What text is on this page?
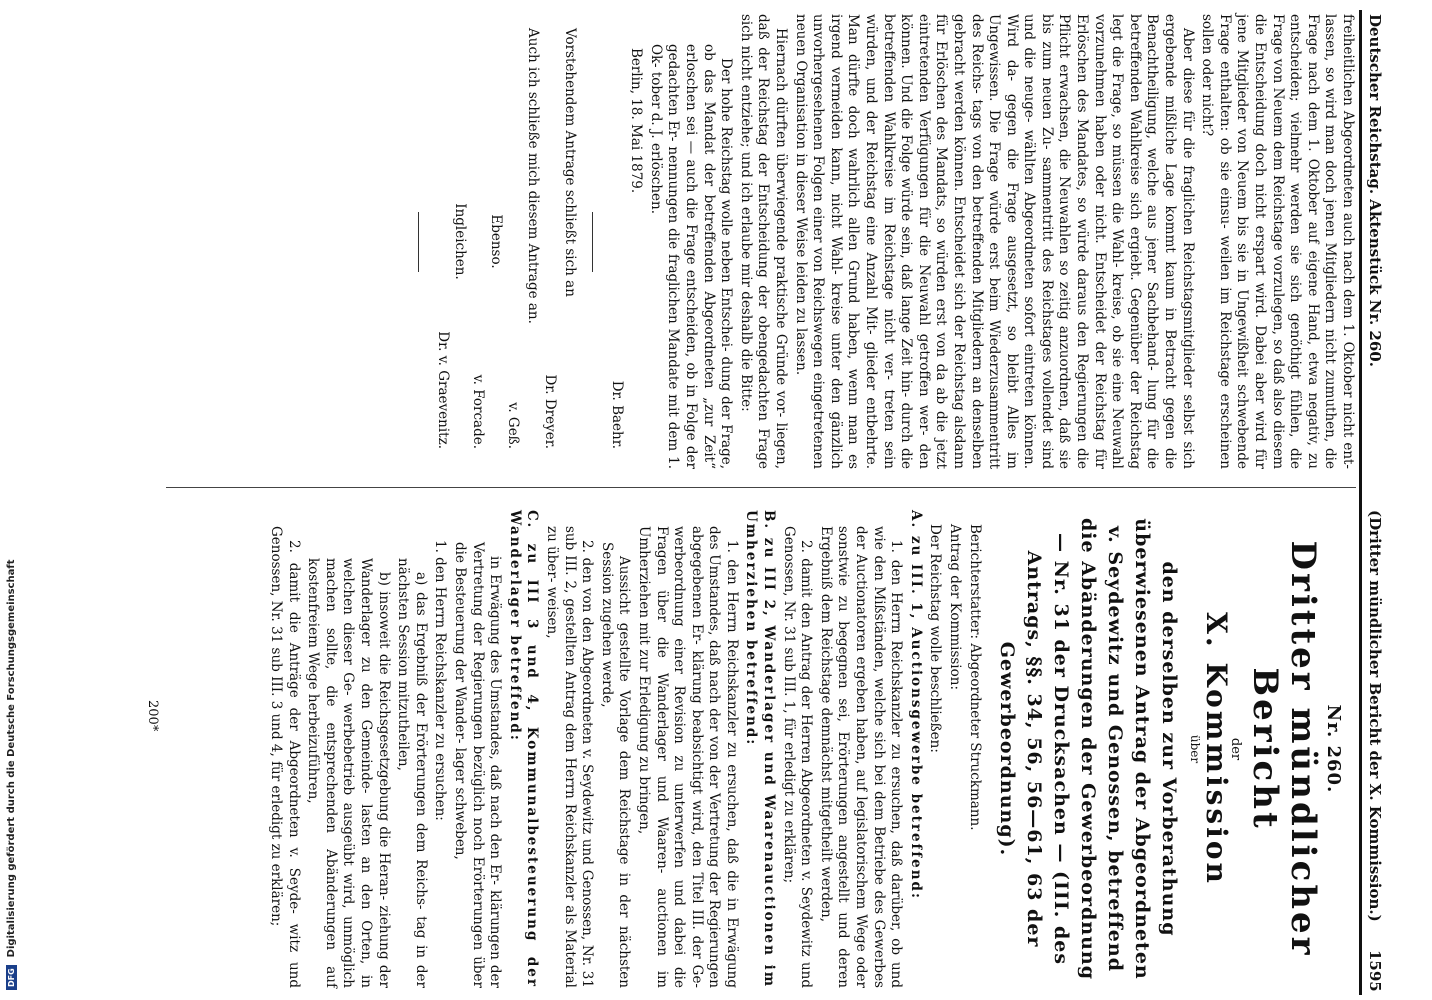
DFG
Digitalisierung gefördert durch die Deutsche Forschungsgemeinschaft
Deutscher Reichstag. Aktenstück Nr. 260.
(Dritter mündlicher Bericht der X. Kommission.)
1595

freiheitlichen Abgeordneten auch nach dem 1. Oktober nicht ent- lassen, so wird man doch jenen Mitgliedern nicht zumuthen, die Frage nach dem 1. Oktober auf eigene Hand, etwa negativ, zu entscheiden; vielmehr werden sie sich genöthigt fühlen, die Frage von Neuem dem Reichstage vorzulegen, so daß also diesem die Entscheidung doch nicht erspart wird. Dabei aber wird für jene Mitglieder von Neuem bis sie in Ungewißheit schwebende Frage enthalten: ob sie einsu- weilen im Reichstage erscheinen sollen oder nicht?

Aber diese für die fraglichen Reichstagsmitglieder selbst sich ergebende mißliche Lage kommt kaum in Betracht gegen die Benachtheiligung, welche aus jener Sachbehand- lung für die betreffenden Wahlkreise sich ergiebt. Gegenüber der Reichstag legt die Frage, so müssen die Wahl- kreise, ob sie eine Neuwahl vorzunehmen haben oder nicht. Entscheidet der Reichstag für Erlöschen des Mandates, so würde daraus den Regierungen die Pflicht erwachsen, die Neuwahlen so zeitig anzuordnen, daß sie bis zum neuen Zu- sammentritt des Reichstages vollendet sind und die neuge- wählten Abgeordneten sofort eintreten können. Wird da- gegen die Frage ausgesetzt, so bleibt Alles im Ungewissen. Die Frage würde erst beim Wiederzusammentritt des Reichs- tags von den betreffenden Mitgliedern an denselben gebracht werden können. Entscheidet sich der Reichstag alsdann für Erlöschen des Mandats, so würden erst von da ab die jetzt eintretenden Verfügungen für die Neuwahl getroffen wer- den können. Und die Folge würde sein, daß lange Zeit hin- durch die betreffenden Wahlkreise im Reichstage nicht ver- treten sein würden, und der Reichstag eine Anzahl Mit- glieder entbehrte. Man dürfte doch wahrlich allen Grund haben, wenn man es irgend vermeiden kann, nicht Wahl- kreise unter den gänzlich unvorhergesehenen Folgen einer von Reichswegen eingetretenen neuen Organisation in dieser Weise leiden zu lassen.

Hiernach dürften überwiegende praktische Gründe vor- liegen, daß der Reichstag der Entscheidung der obengedachten Frage sich nicht entziehe; und ich erlaube mir deshalb die Bitte:

Der hohe Reichstag wolle neben Entschei- dung der Frage, ob das Mandat der betreffenden Abgeordneten „zur Zeit“ erloschen sei — auch die Frage entscheiden, ob in Folge der gedachten Er- nennungen die fraglichen Mandate mit dem 1. Ok- tober d. J. erlöschen.

Berlin, 18. Mai 1879.

Dr. Baehr.

Vorstehendem Antrage schließt sich an

Dr. Dreyer.

Auch ich schließe mich diesem Antrage an.

v. Geß.
Ebenso.
v. Forcade.
Ingleichen.
Dr. v. Graevenitz.
Nr. 260.
Dritter mündlicher Bericht
der
X. Kommission
über
den derselben zur Vorberathung überwiesenen Antrag der Abgeordneten v. Seydewitz und Genossen, betreffend die Abänderungen der Gewerbeordnung — Nr. 31 der Drucksachen — (III. des Antrags, §§. 34, 56, 56—61, 63 der Gewerbeordnung).

Berichterstatter: Abgeordneter Struckmann.

Antrag der Kommission:

Der Reichstag wolle beschließen:

A. zu III. 1, Auctionsgewerbe betreffend:

1. den Herrn Reichskanzler zu ersuchen, daß darüber, ob und wie den Mißständen, welche sich bei dem Betriebe des Gewerbes der Auctionatoren ergeben haben, auf legislatorischem Wege oder sonstwie zu begegnen sei, Erörterungen angestellt und deren Ergebniß dem Reichstage demnächst mitgetheilt werden,

2. damit den Antrag der Herren Abgeordneten v. Seydewitz und Genossen, Nr. 31 sub III. 1, für erledigt zu erklären;

B. zu III 2, Wanderlager und Waarenauctionen im Umherziehen betreffend:

1. den Herrn Reichskanzler zu ersuchen, daß die in Erwägung des Umstandes, daß nach der von der Vertretung der Regierungen abgegebenen Er- klärung beabsichtigt wird, den Titel III. der Ge- werbeordnung einer Revision zu unterwerfen und dabei die Fragen über die Wanderlager und Waaren- auctionen im Umherziehen mit zur Erledigung zu bringen,

Aussicht gestellte Vorlage dem Reichstage in der nächsten Session zugehen werde,

2. den von den Abgeordneten v. Seydewitz und Genossen, Nr. 31 sub III. 2, gestellten Antrag dem Herrn Reichskanzler als Material zu über- weisen,

C. zu III 3 und 4, Kommunalbesteuerung der Wanderlager betreffend:

in Erwägung des Umstandes, daß nach den Er- klärungen der Vertretung der Regierungen bezüglich noch Erörterungen über die Besteuerung der Wander- lager schweben,

1. den Herrn Reichskanzler zu ersuchen:

a) das Ergebniß der Erörterungen dem Reichs- tag in der nächsten Session mitzutheilen,

b) insoweit die Reichsgesetzgebung die Heran- ziehung der Wanderlager zu den Gemeinde- lasten an den Orten, in welchen dieser Ge- werbebetrieb ausgeübt wird, unmöglich machen sollte, die entsprechenden Abänderungen auf kostenfreiem Wege herbeizuführen,

2. damit die Anträge der Abgeordneten v. Seyde- witz und Genossen, Nr. 31 sub III. 3 und 4, für erledigt zu erklären;

200*
